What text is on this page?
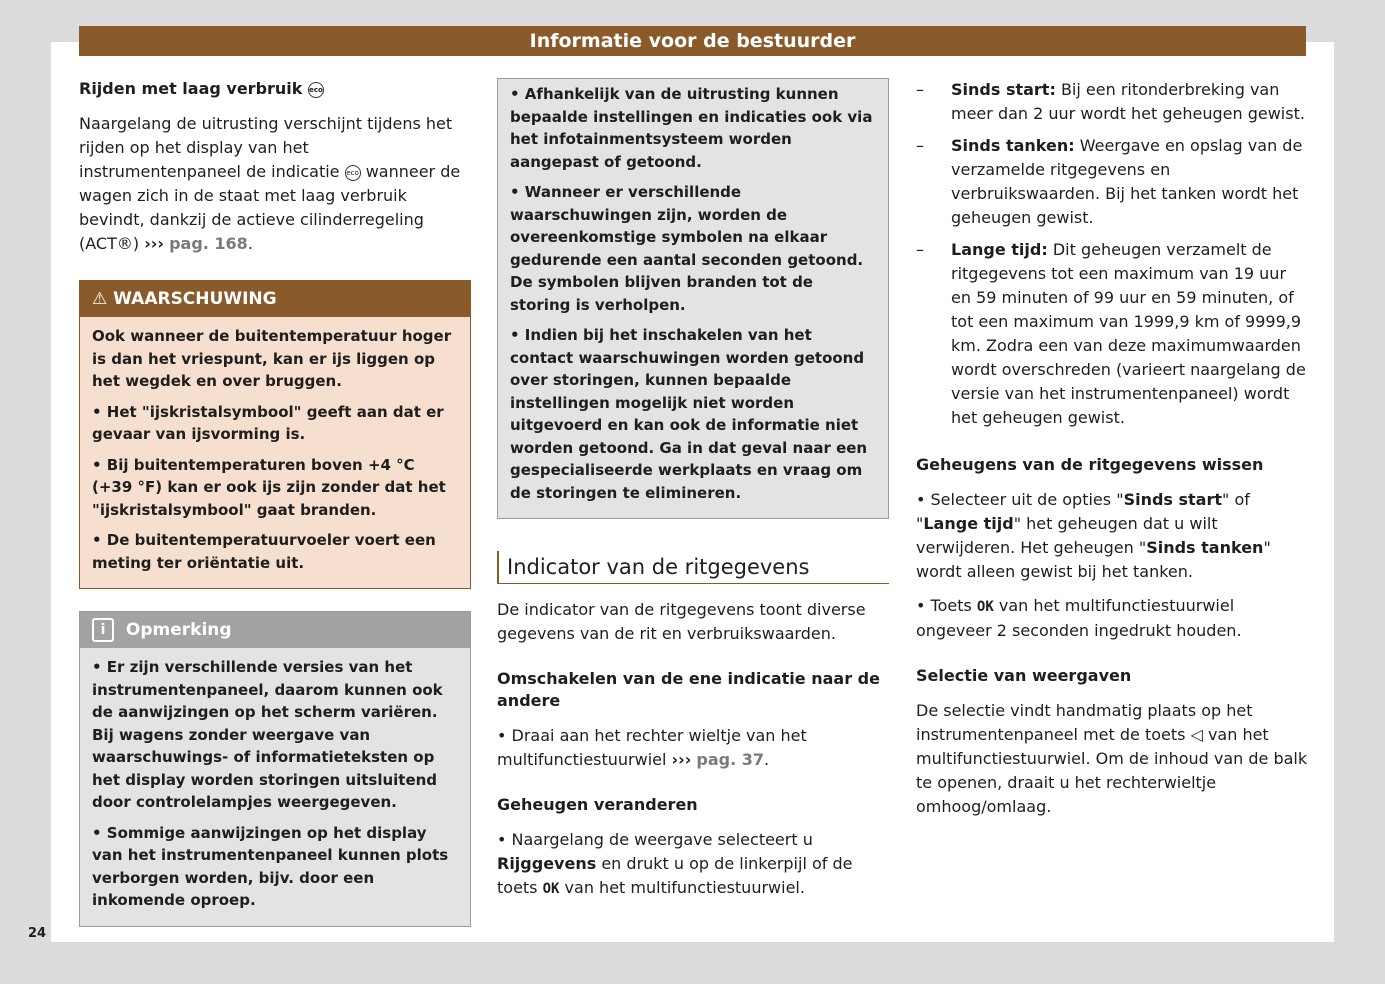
Informatie voor de bestuurder
Rijden met laag verbruik eco

Naargelang de uitrusting verschijnt tijdens het rijden op het display van het instrumentenpaneel de indicatie eco wanneer de wagen zich in de staat met laag verbruik bevindt, dankzij de actieve cilinderregeling (ACT®) ››› pag. 168.

⚠ WAARSCHUWING

Ook wanneer de buitentemperatuur hoger is dan het vriespunt, kan er ijs liggen op het wegdek en over bruggen.

• Het "ijskristalsymbool" geeft aan dat er gevaar van ijsvorming is.

• Bij buitentemperaturen boven +4 °C (+39 °F) kan er ook ijs zijn zonder dat het "ijskristalsymbool" gaat branden.

• De buitentemperatuurvoeler voert een meting ter oriëntatie uit.

i Opmerking

• Er zijn verschillende versies van het instrumentenpaneel, daarom kunnen ook de aanwijzingen op het scherm variëren. Bij wagens zonder weergave van waarschuwings- of informatieteksten op het display worden storingen uitsluitend door controlelampjes weergegeven.

• Sommige aanwijzingen op het display van het instrumentenpaneel kunnen plots verborgen worden, bijv. door een inkomende oproep.

• Afhankelijk van de uitrusting kunnen bepaalde instellingen en indicaties ook via het infotainmentsysteem worden aangepast of getoond.

• Wanneer er verschillende waarschuwingen zijn, worden de overeenkomstige symbolen na elkaar gedurende een aantal seconden getoond. De symbolen blijven branden tot de storing is verholpen.

• Indien bij het inschakelen van het contact waarschuwingen worden getoond over storingen, kunnen bepaalde instellingen mogelijk niet worden uitgevoerd en kan ook de informatie niet worden getoond. Ga in dat geval naar een gespecialiseerde werkplaats en vraag om de storingen te elimineren.

Indicator van de ritgegevens

De indicator van de ritgegevens toont diverse gegevens van de rit en verbruikswaarden.

Omschakelen van de ene indicatie naar de andere

• Draai aan het rechter wieltje van het multifunctiestuurwiel ››› pag. 37.

Geheugen veranderen

• Naargelang de weergave selecteert u Rijggevens en drukt u op de linkerpijl of de toets OK van het multifunctiestuurwiel.

– Sinds start: Bij een ritonderbreking van meer dan 2 uur wordt het geheugen gewist.
– Sinds tanken: Weergave en opslag van de verzamelde ritgegevens en verbruikswaarden. Bij het tanken wordt het geheugen gewist.
– Lange tijd: Dit geheugen verzamelt de ritgegevens tot een maximum van 19 uur en 59 minuten of 99 uur en 59 minuten, of tot een maximum van 1999,9 km of 9999,9 km. Zodra een van deze maximumwaarden wordt overschreden (varieert naargelang de versie van het instrumentenpaneel) wordt het geheugen gewist.
Geheugens van de ritgegevens wissen

• Selecteer uit de opties "Sinds start" of "Lange tijd" het geheugen dat u wilt verwijderen. Het geheugen "Sinds tanken" wordt alleen gewist bij het tanken.

• Toets OK van het multifunctiestuurwiel ongeveer 2 seconden ingedrukt houden.

Selectie van weergaven

De selectie vindt handmatig plaats op het instrumentenpaneel met de toets ◁ van het multifunctiestuurwiel. Om de inhoud van de balk te openen, draait u het rechterwieltje omhoog/omlaag.

24
